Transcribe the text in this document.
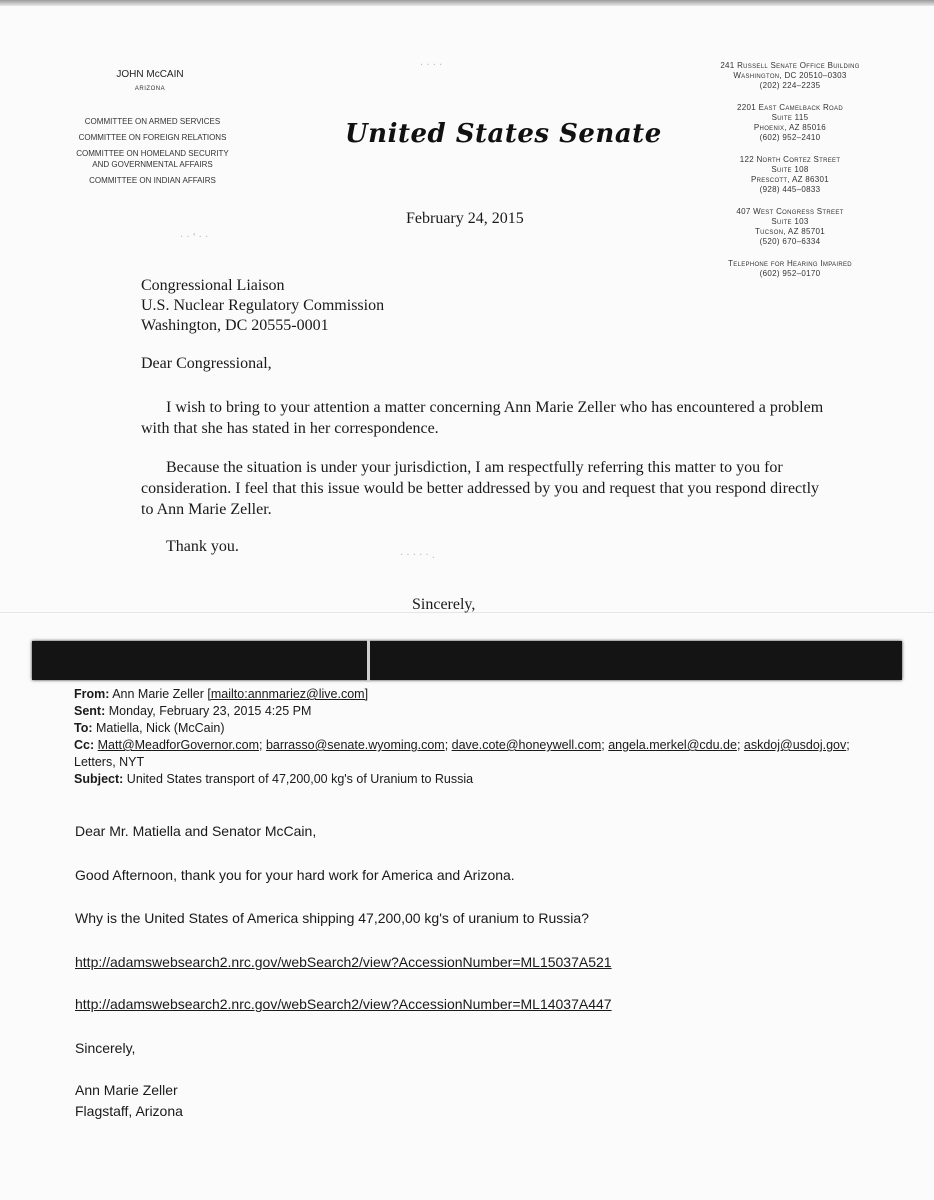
JOHN McCAIN
ARIZONA
COMMITTEE ON ARMED SERVICES
COMMITTEE ON FOREIGN RELATIONS
COMMITTEE ON HOMELAND SECURITY
AND GOVERNMENTAL AFFAIRS
COMMITTEE ON INDIAN AFFAIRS
United States Senate
241 Russell Senate Office Building
Washington, DC 20510–0303
(202) 224–2235
2201 East Camelback Road
Suite 115
Phoenix, AZ 85016
(602) 952–2410
122 North Cortez Street
Suite 108
Prescott, AZ 86301
(928) 445–0833
407 West Congress Street
Suite 103
Tucson, AZ 85701
(520) 670–6334
Telephone for Hearing Impaired
(602) 952–0170
· · · ·
· · ' · ·
· · · · · .
February 24, 2015
Congressional Liaison
U.S. Nuclear Regulatory Commission
Washington, DC 20555-0001
Dear Congressional,
I wish to bring to your attention a matter concerning Ann Marie Zeller who has encountered a problem with that she has stated in her correspondence.
Because the situation is under your jurisdiction, I am respectfully referring this matter to you for consideration. I feel that this issue would be better addressed by you and request that you respond directly to Ann Marie Zeller.
Thank you.
Sincerely,
From: Ann Marie Zeller [mailto:annmariez@live.com]
Sent: Monday, February 23, 2015 4:25 PM
To: Matiella, Nick (McCain)
Cc: Matt@MeadforGovernor.com; barrasso@senate.wyoming.com; dave.cote@honeywell.com; angela.merkel@cdu.de; askdoj@usdoj.gov; Letters, NYT
Subject: United States transport of 47,200,00 kg's of Uranium to Russia
Dear Mr. Matiella and Senator McCain,
Good Afternoon, thank you for your hard work for America and Arizona.
Why is the United States of America shipping 47,200,00 kg's of uranium to Russia?
http://adamswebsearch2.nrc.gov/webSearch2/view?AccessionNumber=ML15037A521
http://adamswebsearch2.nrc.gov/webSearch2/view?AccessionNumber=ML14037A447
Sincerely,
Ann Marie Zeller
Flagstaff, Arizona
